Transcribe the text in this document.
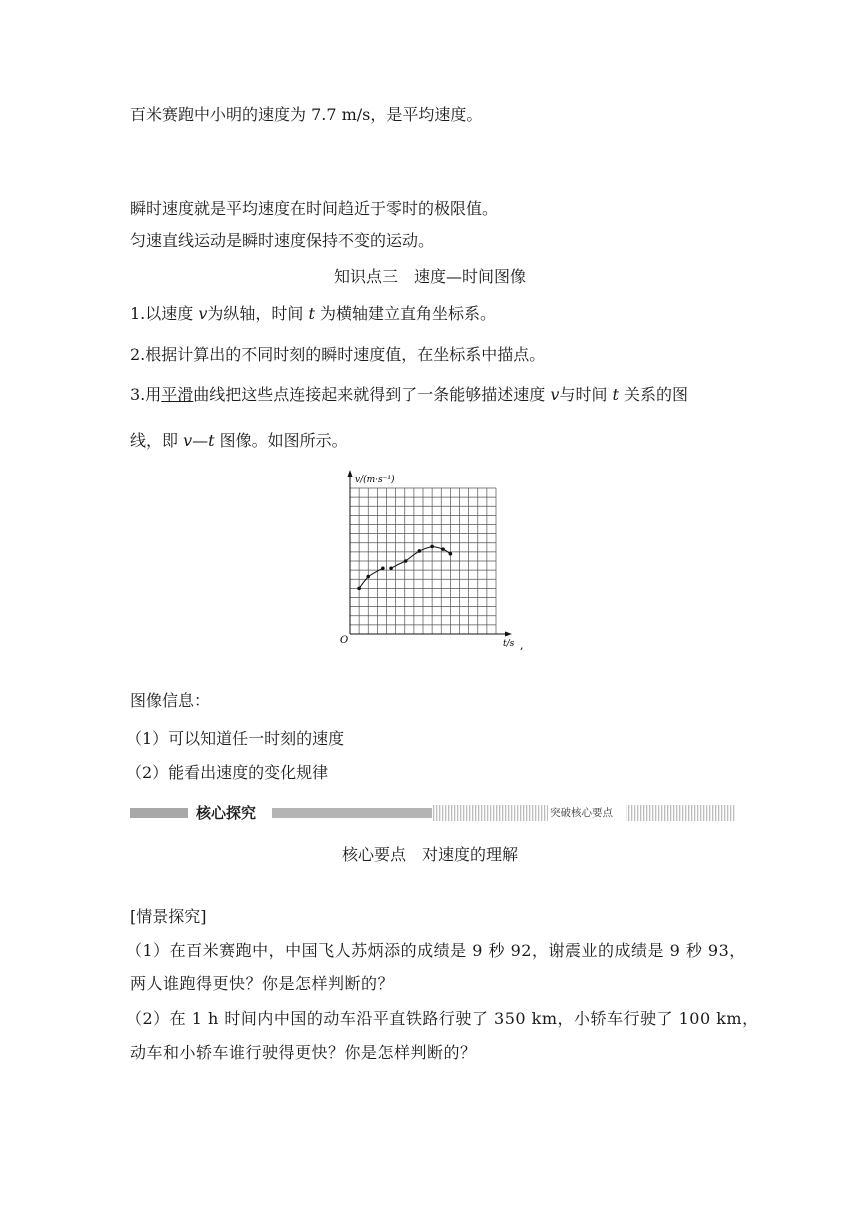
百米赛跑中小明的速度为 7.7 m/s，是平均速度。
瞬时速度就是平均速度在时间趋近于零时的极限值。
匀速直线运动是瞬时速度保持不变的运动。
知识点三　速度—时间图像
1.以速度 v为纵轴，时间 t 为横轴建立直角坐标系。
2.根据计算出的不同时刻的瞬时速度值，在坐标系中描点。
3.用平滑曲线把这些点连接起来就得到了一条能够描述速度 v与时间 t 关系的图
线，即 v—t 图像。如图所示。
v/(m·s⁻¹)
t/s
O	,
图像信息：
（1）可以知道任一时刻的速度
（2）能看出速度的变化规律
核心探究	突破核心要点
核心要点　对速度的理解
[情景探究]
（1）在百米赛跑中，中国飞人苏炳添的成绩是 9 秒 92，谢震业的成绩是 9 秒 93，
两人谁跑得更快？你是怎样判断的？
（2）在 1 h 时间内中国的动车沿平直铁路行驶了 350 km，小轿车行驶了 100 km，
动车和小轿车谁行驶得更快？你是怎样判断的？
